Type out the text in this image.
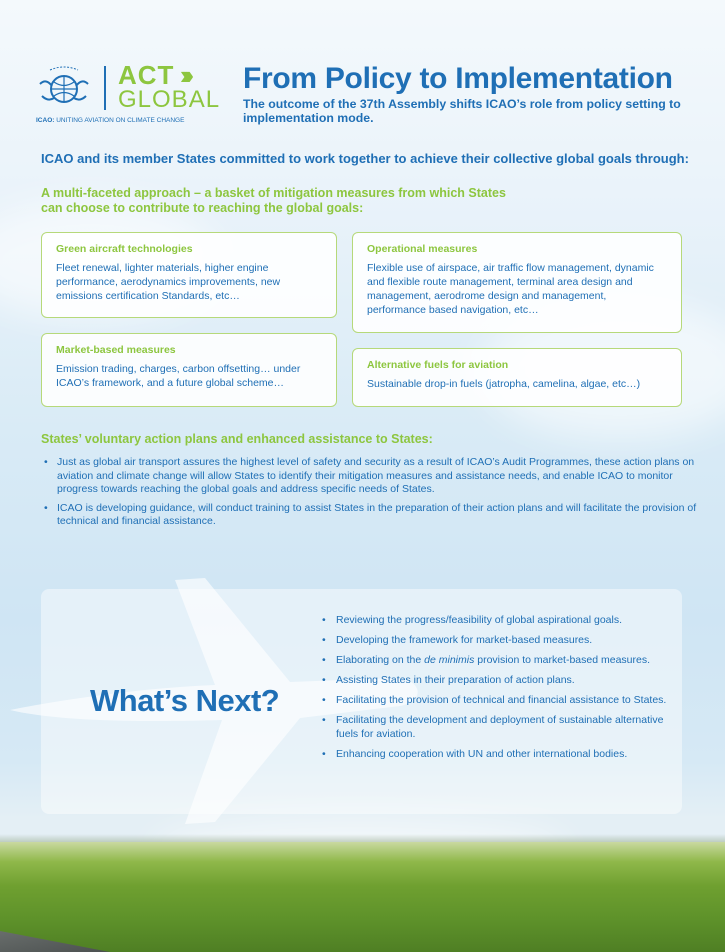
ACT ›››
GLOBAL
ICAO: UNITING AVIATION ON CLIMATE CHANGE
From Policy to Implementation
The outcome of the 37th Assembly shifts ICAO’s role from policy setting to implementation mode.

ICAO and its member States committed to work together to achieve their collective global goals through:

A multi-faceted approach – a basket of mitigation measures from which States can choose to contribute to reaching the global goals:

Green aircraft technologies
Fleet renewal, lighter materials, higher engine performance, aerodynamics improvements, new emissions certification Standards, etc…
Operational measures
Flexible use of airspace, air traffic flow management, dynamic and flexible route management, terminal area design and management, aerodrome design and management, performance based navigation, etc…
Market-based measures
Emission trading, charges, carbon offsetting… under ICAO’s framework, and a future global scheme…
Alternative fuels for aviation
Sustainable drop-in fuels (jatropha, camelina, algae, etc…)
States’ voluntary action plans and enhanced assistance to States:
• Just as global air transport assures the highest level of safety and security as a result of ICAO’s Audit Programmes, these action plans on aviation and climate change will allow States to identify their mitigation measures and assistance needs, and enable ICAO to monitor progress towards reaching the global goals and address specific needs of States.
• ICAO is developing guidance, will conduct training to assist States in the preparation of their action plans and will facilitate the provision of technical and financial assistance.
What’s Next?
• Reviewing the progress/feasibility of global aspirational goals.
• Developing the framework for market-based measures.
• Elaborating on the de minimis provision to market-based measures.
• Assisting States in their preparation of action plans.
• Facilitating the provision of technical and financial assistance to States.
• Facilitating the development and deployment of sustainable alternative fuels for aviation.
• Enhancing cooperation with UN and other international bodies.
